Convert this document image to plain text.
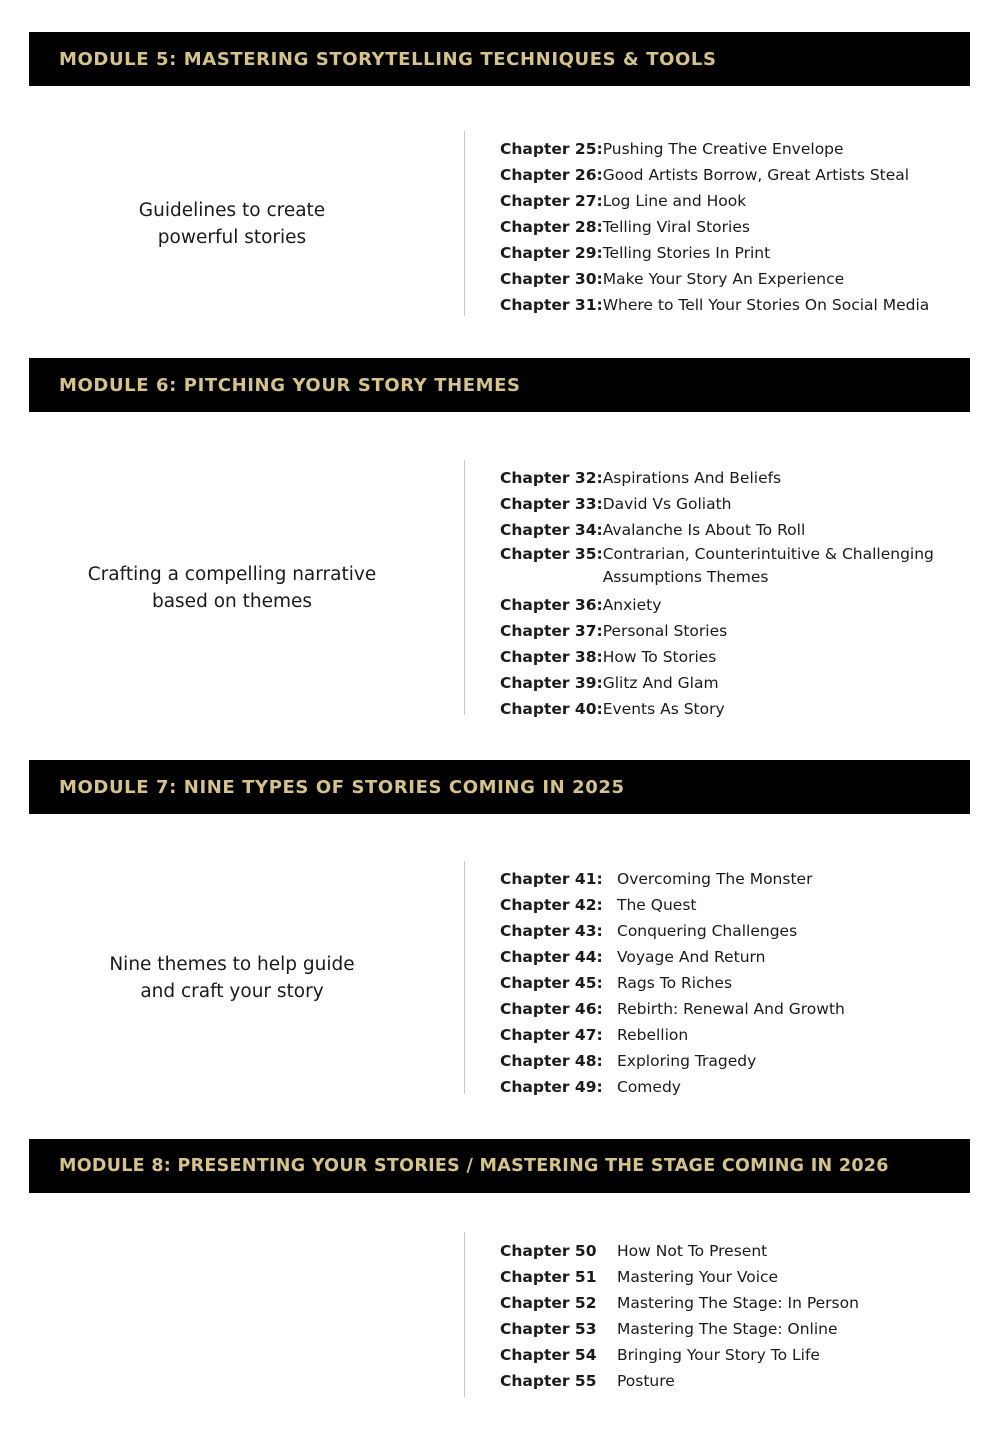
MODULE 5: MASTERING STORYTELLING TECHNIQUES & TOOLS
Guidelines to create
powerful stories
Chapter 25: Pushing The Creative Envelope
Chapter 26: Good Artists Borrow, Great Artists Steal
Chapter 27: Log Line and Hook
Chapter 28: Telling Viral Stories
Chapter 29: Telling Stories In Print
Chapter 30: Make Your Story An Experience
Chapter 31: Where to Tell Your Stories On Social Media
MODULE 6: PITCHING YOUR STORY THEMES
Crafting a compelling narrative
based on themes
Chapter 32: Aspirations And Beliefs
Chapter 33: David Vs Goliath
Chapter 34: Avalanche Is About To Roll
Chapter 35: Contrarian, Counterintuitive & Challenging Assumptions Themes
Chapter 36: Anxiety
Chapter 37: Personal Stories
Chapter 38: How To Stories
Chapter 39: Glitz And Glam
Chapter 40: Events As Story
MODULE 7: NINE TYPES OF STORIES COMING IN 2025
Nine themes to help guide
and craft your story
Chapter 41: Overcoming The Monster
Chapter 42: The Quest
Chapter 43: Conquering Challenges
Chapter 44: Voyage And Return
Chapter 45: Rags To Riches
Chapter 46: Rebirth: Renewal And Growth
Chapter 47: Rebellion
Chapter 48: Exploring Tragedy
Chapter 49: Comedy
MODULE 8: PRESENTING YOUR STORIES / MASTERING THE STAGE COMING IN 2026
Chapter 50	How Not To Present
Chapter 51	Mastering Your Voice
Chapter 52	Mastering The Stage: In Person
Chapter 53	Mastering The Stage: Online
Chapter 54	Bringing Your Story To Life
Chapter 55	Posture
